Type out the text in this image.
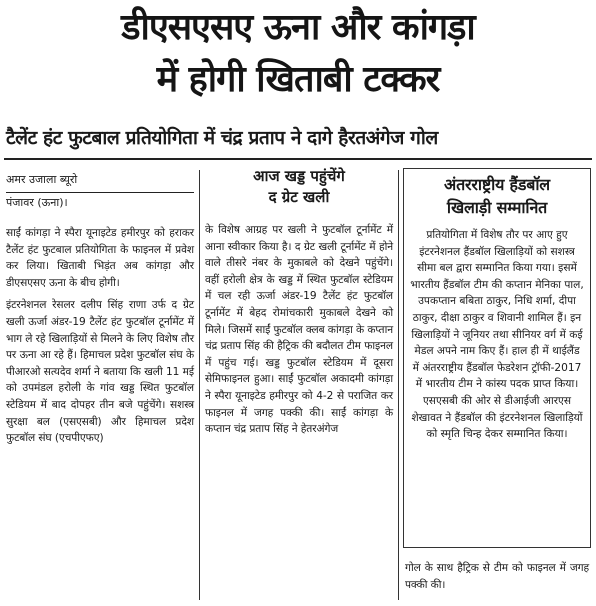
डीएसएसए ऊना और कांगड़ा
में होगी खिताबी टक्कर
टैलेंट हंट फुटबाल प्रतियोगिता में चंद्र प्रताप ने दागे हैरतअंगेज गोल
अमर उजाला ब्यूरो
पंजावर (ऊना)।

साईं कांगड़ा ने स्पैरा यूनाइटेड हमीरपुर को हराकर टैलेंट हंट फुटबाल प्रतियोगिता के फाइनल में प्रवेश कर लिया। खिताबी भिड़ंत अब कांगड़ा और डीएसएसए ऊना के बीच होगी।

इंटरनेशनल रेसलर दलीप सिंह राणा उर्फ द ग्रेट खली ऊर्जा अंडर-19 टैलेंट हंट फुटबॉल टूर्नामेंट में भाग ले रहे खिलाड़ियों से मिलने के लिए विशेष तौर पर ऊना आ रहे हैं। हिमाचल प्रदेश फुटबॉल संघ के पीआरओ सत्यदेव शर्मा ने बताया कि खली 11 मई को उपमंडल हरोली के गांव खड्ड स्थित फुटबॉल स्टेडियम में बाद दोपहर तीन बजे पहुंचेंगे। सशस्त्र सुरक्षा बल (एसएसबी) और हिमाचल प्रदेश फुटबॉल संघ (एचपीएफए)

आज खड्ड पहुंचेंगे
द ग्रेट खली

के विशेष आग्रह पर खली ने फुटबॉल टूर्नामेंट में आना स्वीकार किया है। द ग्रेट खली टूर्नामेंट में होने वाले तीसरे नंबर के मुकाबले को देखने पहुंचेंगे। वहीं हरोली क्षेत्र के खड्ड में स्थित फुटबॉल स्टेडियम में चल रही ऊर्जा अंडर-19 टैलेंट हंट फुटबॉल टूर्नामेंट में बेहद रोमांचकारी मुकाबले देखने को मिले। जिसमें साईं फुटबॉल क्लब कांगड़ा के कप्तान चंद्र प्रताप सिंह की हैट्रिक की बदौलत टीम फाइनल में पहुंच गई। खड्ड फुटबॉल स्टेडियम में दूसरा सेमिफाइनल हुआ। साईं फुटबॉल अकादमी कांगड़ा ने स्पैरा यूनाइटेड हमीरपुर को 4-2 से पराजित कर फाइनल में जगह पक्की की। साईं कांगड़ा के कप्तान चंद्र प्रताप सिंह ने हेतरअंगेज

अंतरराष्ट्रीय हैंडबॉल
खिलाड़ी सम्मानित
प्रतियोगिता में विशेष तौर पर आए हुए इंटरनेशनल हैंडबॉल खिलाड़ियों को सशस्त्र सीमा बल द्वारा सम्मानित किया गया। इसमें भारतीय हैंडबॉल टीम की कप्तान मेनिका पाल, उपकप्तान बबिता ठाकुर, निधि शर्मा, दीपा ठाकुर, दीक्षा ठाकुर व शिवानी शामिल हैं। इन खिलाड़ियों ने जूनियर तथा सीनियर वर्ग में कई मेडल अपने नाम किए हैं। हाल ही में थाईलैंड में अंतरराष्ट्रीय हैंडबॉल फेडरेशन ट्रॉफी-2017 में भारतीय टीम ने कांस्य पदक प्राप्त किया। एसएसबी की ओर से डीआईजी आरएस शेखावत ने हैंडबॉल की इंटरनेशनल खिलाड़ियों को स्मृति चिन्ह देकर सम्मानित किया।
गोल के साथ हैट्रिक से टीम को फाइनल में जगह पक्की की।
